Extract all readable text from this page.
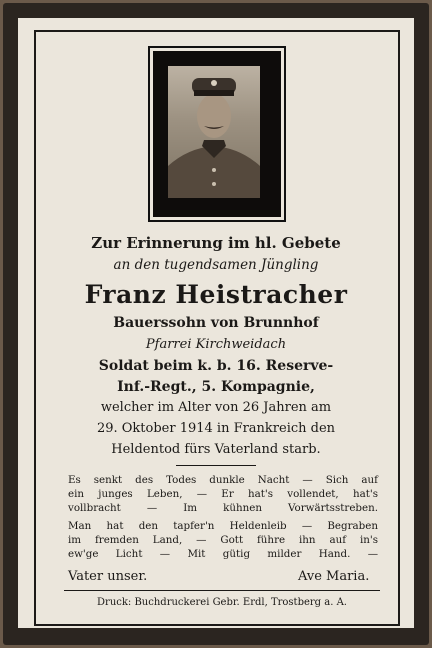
Zur Erinnerung im hl. Gebete
an den tugendsamen Jüngling
Franz Heistracher
Bauerssohn von Brunnhof
Pfarrei Kirchweidach
Soldat beim k. b. 16. Reserve-
Inf.-Regt., 5. Kompagnie,
welcher im Alter von 26 Jahren am
29. Oktober 1914 in Frankreich den
Heldentod fürs Vaterland starb.
Es senkt des Todes dunkle Nacht — Sich auf
ein junges Leben, — Er hat's vollendet, hat's
vollbracht — Im kühnen Vorwärtsstreben.
Man hat den tapfer'n Heldenleib — Begraben
im fremden Land, — Gott führe ihn auf in's
ew'ge Licht — Mit gütig milder Hand. —
Vater unser.	Ave Maria.
Druck: Buchdruckerei Gebr. Erdl, Trostberg a. A.
